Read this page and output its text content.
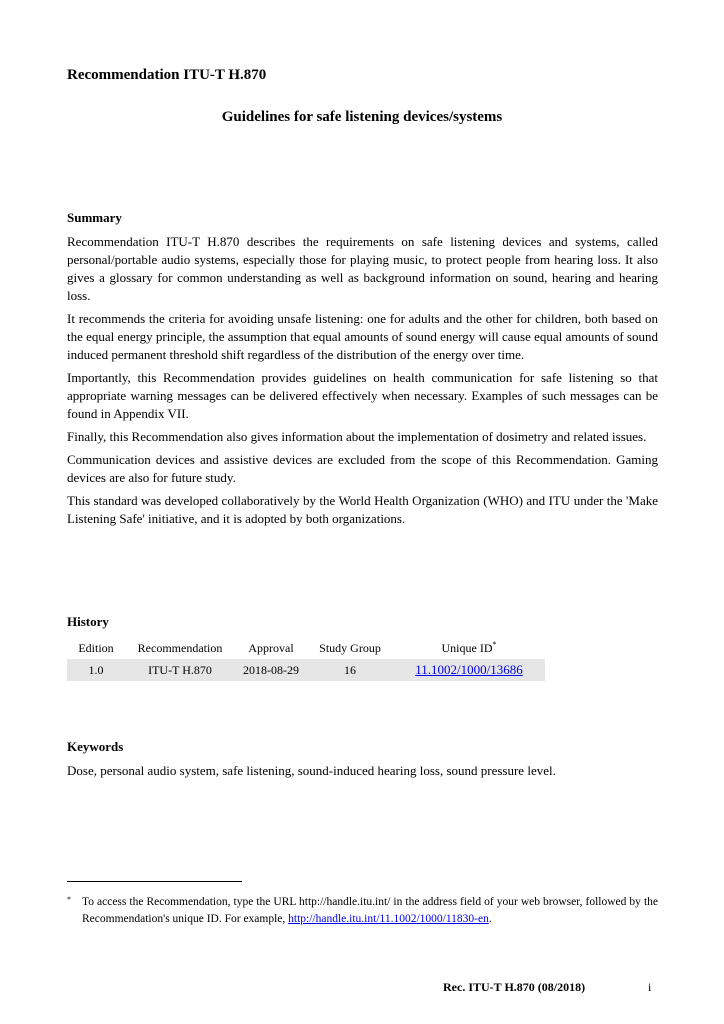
Recommendation ITU-T H.870
Guidelines for safe listening devices/systems
Summary

Recommendation ITU-T H.870 describes the requirements on safe listening devices and systems, called personal/portable audio systems, especially those for playing music, to protect people from hearing loss. It also gives a glossary for common understanding as well as background information on sound, hearing and hearing loss.

It recommends the criteria for avoiding unsafe listening: one for adults and the other for children, both based on the equal energy principle, the assumption that equal amounts of sound energy will cause equal amounts of sound induced permanent threshold shift regardless of the distribution of the energy over time.

Importantly, this Recommendation provides guidelines on health communication for safe listening so that appropriate warning messages can be delivered effectively when necessary. Examples of such messages can be found in Appendix VII.

Finally, this Recommendation also gives information about the implementation of dosimetry and related issues.

Communication devices and assistive devices are excluded from the scope of this Recommendation. Gaming devices are also for future study.

This standard was developed collaboratively by the World Health Organization (WHO) and ITU under the 'Make Listening Safe' initiative, and it is adopted by both organizations.

History
Edition	Recommendation	Approval	Study Group	Unique ID*
1.0	ITU-T H.870	2018-08-29	16	11.1002/1000/13686
Keywords
Dose, personal audio system, safe listening, sound-induced hearing loss, sound pressure level.
* To access the Recommendation, type the URL http://handle.itu.int/ in the address field of your web browser, followed by the Recommendation's unique ID. For example, http://handle.itu.int/11.1002/1000/11830-en.
Rec. ITU-T H.870 (08/2018)	i
